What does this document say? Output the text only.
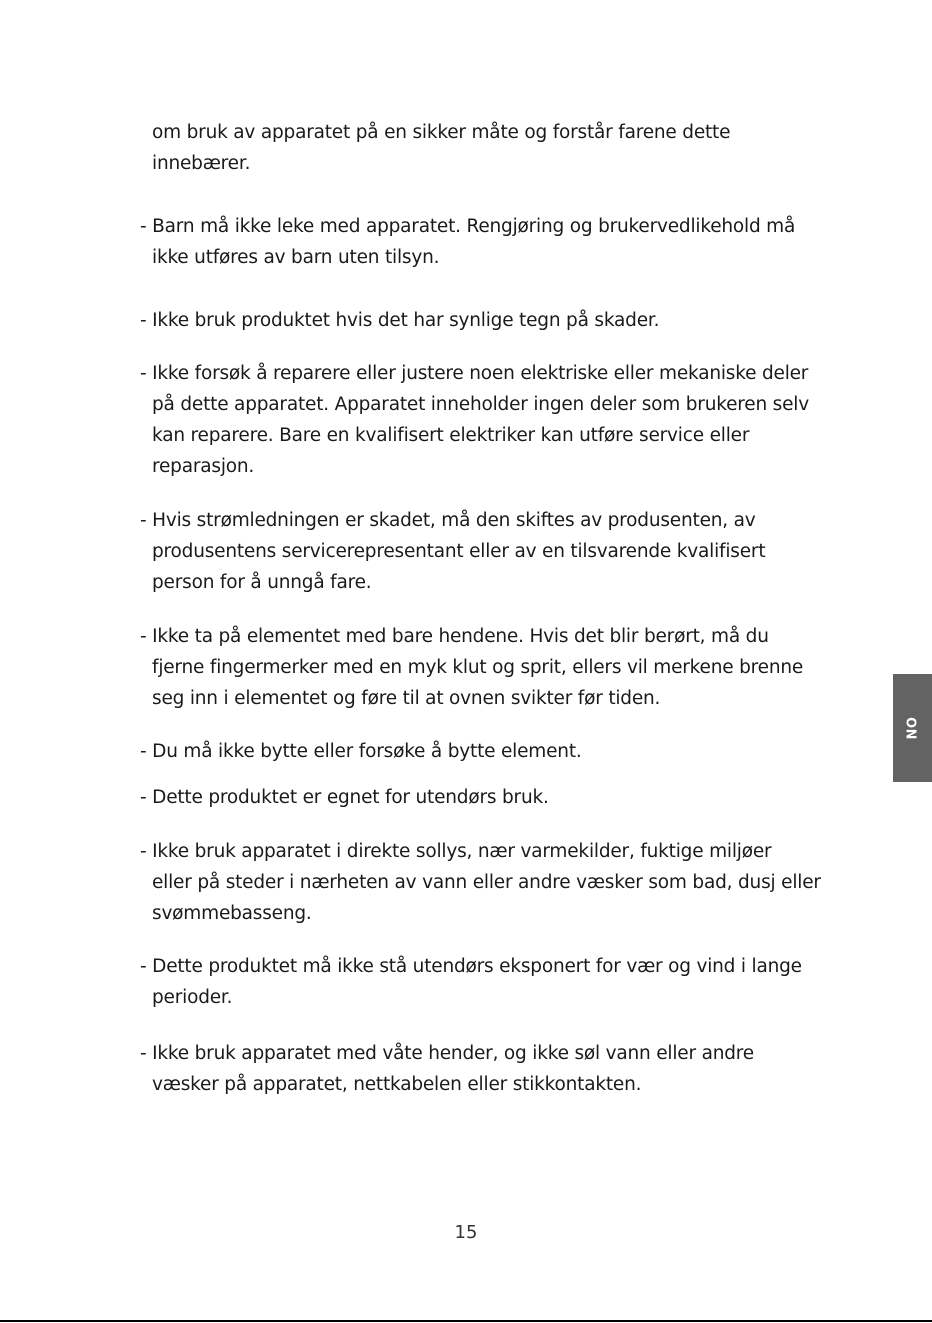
om bruk av apparatet på en sikker måte og forstår farene dette
innebærer.
- Barn må ikke leke med apparatet. Rengjøring og brukervedlikehold må
ikke utføres av barn uten tilsyn.
- Ikke bruk produktet hvis det har synlige tegn på skader.
- Ikke forsøk å reparere eller justere noen elektriske eller mekaniske deler
på dette apparatet. Apparatet inneholder ingen deler som brukeren selv
kan reparere. Bare en kvalifisert elektriker kan utføre service eller
reparasjon.
- Hvis strømledningen er skadet, må den skiftes av produsenten, av
produsentens servicerepresentant eller av en tilsvarende kvalifisert
person for å unngå fare.
- Ikke ta på elementet med bare hendene. Hvis det blir berørt, må du
fjerne fingermerker med en myk klut og sprit, ellers vil merkene brenne
seg inn i elementet og føre til at ovnen svikter før tiden.
- Du må ikke bytte eller forsøke å bytte element.
- Dette produktet er egnet for utendørs bruk.
- Ikke bruk apparatet i direkte sollys, nær varmekilder, fuktige miljøer
eller på steder i nærheten av vann eller andre væsker som bad, dusj eller
svømmebasseng.
- Dette produktet må ikke stå utendørs eksponert for vær og vind i lange
perioder.
- Ikke bruk apparatet med våte hender, og ikke søl vann eller andre
væsker på apparatet, nettkabelen eller stikkontakten.
NO
15
